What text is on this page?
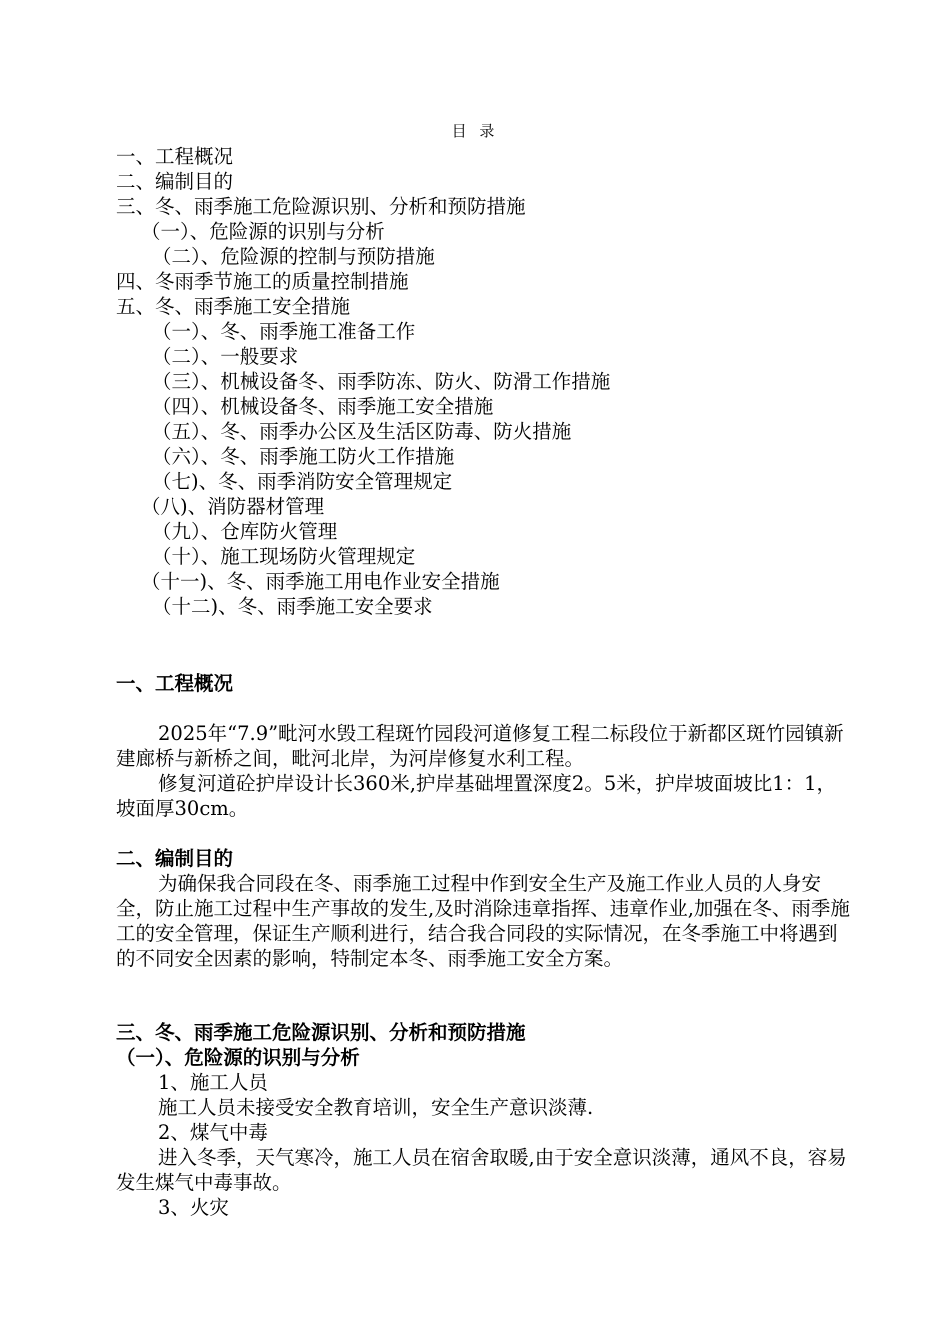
目 录
一、工程概况
二、编制目的
三、冬、雨季施工危险源识别、分析和预防措施
（一）、危险源的识别与分析
（二）、危险源的控制与预防措施
四、冬雨季节施工的质量控制措施
五、冬、雨季施工安全措施
（一）、冬、雨季施工准备工作
（二）、一般要求
（三）、机械设备冬、雨季防冻、防火、防滑工作措施
（四）、机械设备冬、雨季施工安全措施
（五）、冬、雨季办公区及生活区防毒、防火措施
（六）、冬、雨季施工防火工作措施
（七)、冬、雨季消防安全管理规定
（八)、消防器材管理
（九）、仓库防火管理
（十）、施工现场防火管理规定
（十一)、冬、雨季施工用电作业安全措施
（十二)、冬、雨季施工安全要求
一、工程概况
2025年“7.9”毗河水毁工程斑竹园段河道修复工程二标段位于新都区斑竹园镇新建廊桥与新桥之间，毗河北岸，为河岸修复水利工程。
修复河道砼护岸设计长360米,护岸基础埋置深度2。5米，护岸坡面坡比1：1，坡面厚30cm。
二、编制目的
为确保我合同段在冬、雨季施工过程中作到安全生产及施工作业人员的人身安全，防止施工过程中生产事故的发生,及时消除违章指挥、违章作业,加强在冬、雨季施工的安全管理，保证生产顺利进行，结合我合同段的实际情况，在冬季施工中将遇到的不同安全因素的影响，特制定本冬、雨季施工安全方案。
三、冬、雨季施工危险源识别、分析和预防措施
（一）、危险源的识别与分析
1、施工人员
施工人员未接受安全教育培训，安全生产意识淡薄.
2、煤气中毒
进入冬季，天气寒冷，施工人员在宿舍取暖,由于安全意识淡薄，通风不良，容易发生煤气中毒事故。
3、火灾
